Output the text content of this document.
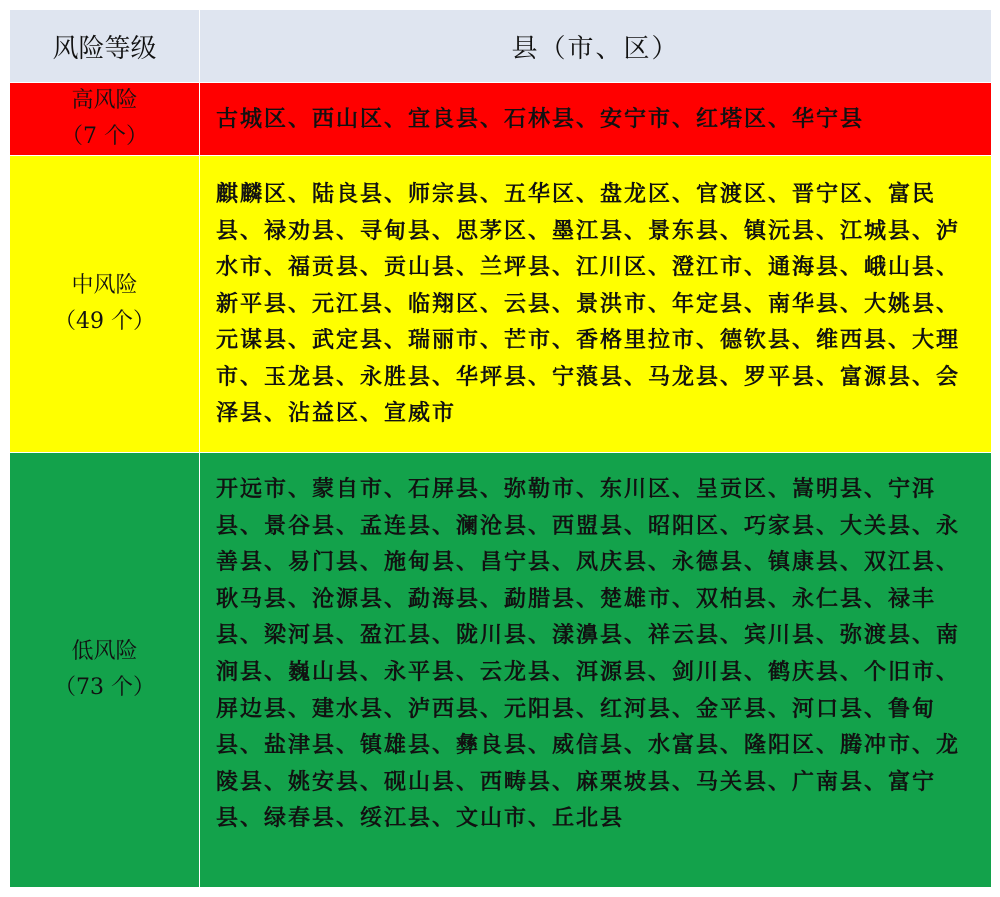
风险等级	县（市、区）
高风险
（7 个）
古城区、西山区、宜良县、石林县、安宁市、红塔区、华宁县
中风险
（49 个）
麒麟区、陆良县、师宗县、五华区、盘龙区、官渡区、晋宁区、富民县、禄劝县、寻甸县、思茅区、墨江县、景东县、镇沅县、江城县、泸水市、福贡县、贡山县、兰坪县、江川区、澄江市、通海县、峨山县、新平县、元江县、临翔区、云县、景洪市、年定县、南华县、大姚县、元谋县、武定县、瑞丽市、芒市、香格里拉市、德钦县、维西县、大理市、玉龙县、永胜县、华坪县、宁蒗县、马龙县、罗平县、富源县、会泽县、沾益区、宣威市
低风险
（73 个）
开远市、蒙自市、石屏县、弥勒市、东川区、呈贡区、嵩明县、宁洱县、景谷县、孟连县、澜沧县、西盟县、昭阳区、巧家县、大关县、永善县、易门县、施甸县、昌宁县、凤庆县、永德县、镇康县、双江县、耿马县、沧源县、勐海县、勐腊县、楚雄市、双柏县、永仁县、禄丰县、梁河县、盈江县、陇川县、漾濞县、祥云县、宾川县、弥渡县、南涧县、巍山县、永平县、云龙县、洱源县、剑川县、鹤庆县、个旧市、屏边县、建水县、泸西县、元阳县、红河县、金平县、河口县、鲁甸县、盐津县、镇雄县、彝良县、威信县、水富县、隆阳区、腾冲市、龙陵县、姚安县、砚山县、西畴县、麻栗坡县、马关县、广南县、富宁县、绿春县、绥江县、文山市、丘北县
